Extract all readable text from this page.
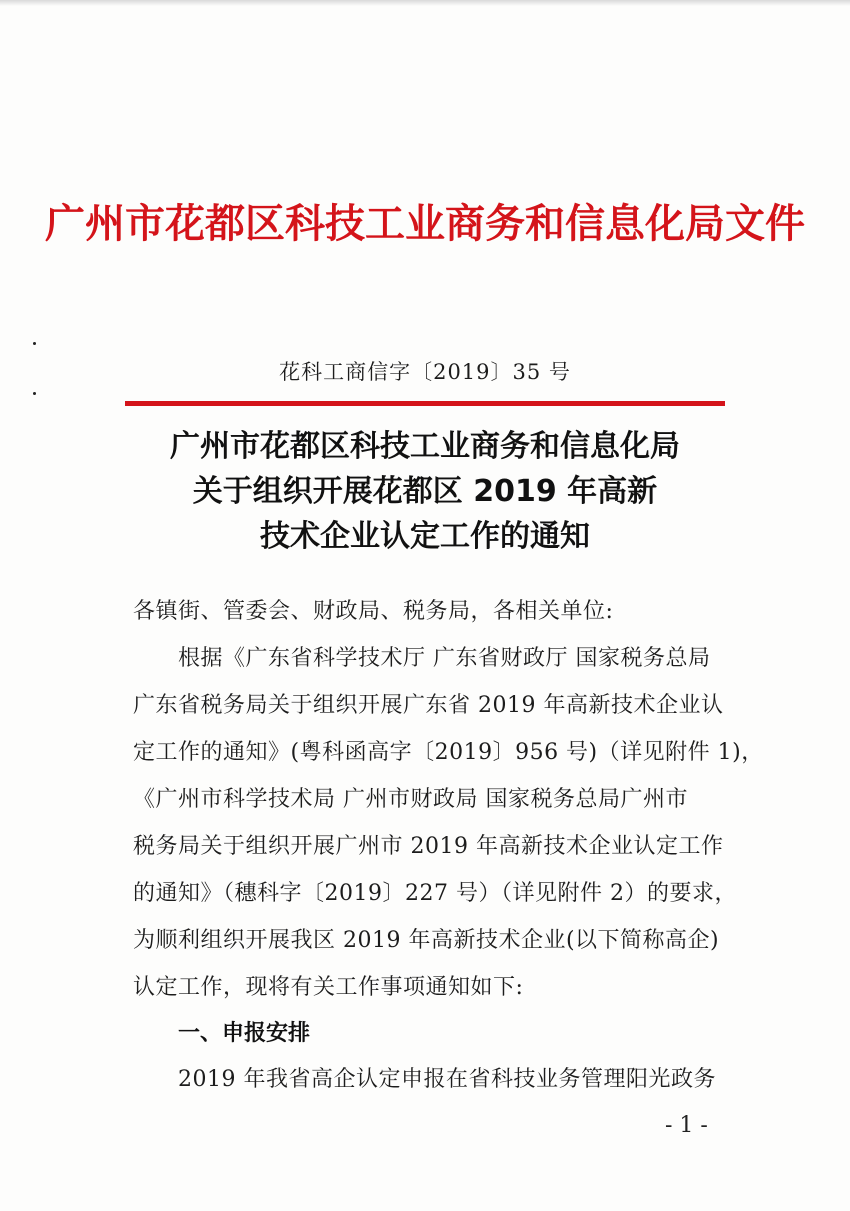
广州市花都区科技工业商务和信息化局文件
花科工商信字〔2019〕35 号
广州市花都区科技工业商务和信息化局
关于组织开展花都区 2019 年高新
技术企业认定工作的通知
各镇街、管委会、财政局、税务局，各相关单位:
根据《广东省科学技术厅 广东省财政厅 国家税务总局
广东省税务局关于组织开展广东省 2019 年高新技术企业认
定工作的通知》(粤科函高字〔2019〕956 号)（详见附件 1)，
《广州市科学技术局 广州市财政局 国家税务总局广州市
税务局关于组织开展广州市 2019 年高新技术企业认定工作
的通知》（穗科字〔2019〕227 号）（详见附件 2）的要求，
为顺利组织开展我区 2019 年高新技术企业(以下简称高企)
认定工作，现将有关工作事项通知如下:
一、申报安排
2019 年我省高企认定申报在省科技业务管理阳光政务
- 1 -
